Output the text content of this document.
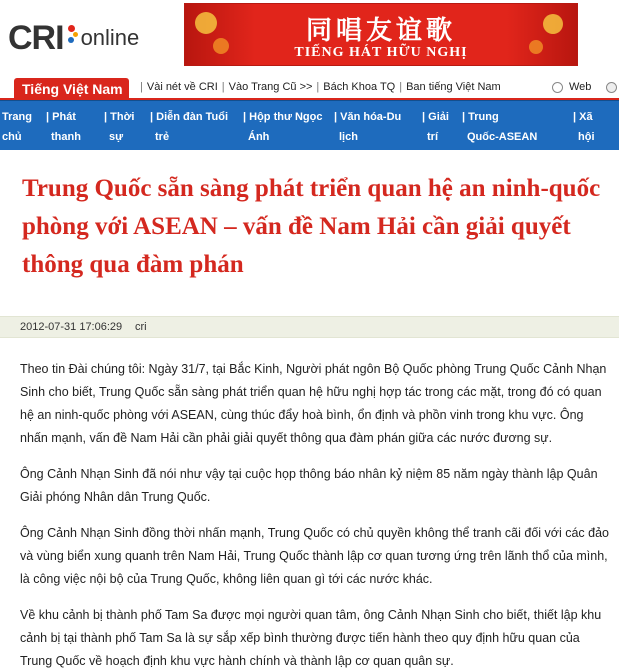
CRI online	同唱友谊歌
TIẾNG HÁT HỮU NGHỊ
Tiếng Việt Nam	| Vài nét về CRI | Vào Trang Cũ >> | Bách Khoa TQ | Ban tiếng Việt Nam	Web
Trang
chủ
| Phát
thanh
| Thời
sự
| Diễn đàn Tuổi
trẻ
| Hộp thư Ngọc
Ánh
| Văn hóa-Du
lịch
| Giải
trí
| Trung
Quốc-ASEAN
| Xã
hội
Trung Quốc sẵn sàng phát triển quan hệ an ninh-quốc phòng với ASEAN – vấn đề Nam Hải cần giải quyết thông qua đàm phán
2012-07-31 17:06:29 cri

Theo tin Đài chúng tôi: Ngày 31/7, tại Bắc Kinh, Người phát ngôn Bộ Quốc phòng Trung Quốc Cảnh Nhạn Sinh cho biết, Trung Quốc sẵn sàng phát triển quan hệ hữu nghị hợp tác trong các mặt, trong đó có quan hệ an ninh-quốc phòng với ASEAN, cùng thúc đẩy hoà bình, ổn định và phồn vinh trong khu vực. Ông nhấn mạnh, vấn đề Nam Hải cần phải giải quyết thông qua đàm phán giữa các nước đương sự.

Ông Cảnh Nhạn Sinh đã nói như vậy tại cuộc họp thông báo nhân kỷ niệm 85 năm ngày thành lập Quân Giải phóng Nhân dân Trung Quốc.

Ông Cảnh Nhạn Sinh đồng thời nhấn mạnh, Trung Quốc có chủ quyền không thể tranh cãi đối với các đảo và vùng biển xung quanh trên Nam Hải, Trung Quốc thành lập cơ quan tương ứng trên lãnh thổ của mình, là công việc nội bộ của Trung Quốc, không liên quan gì tới các nước khác.

Về khu cảnh bị thành phố Tam Sa được mọi người quan tâm, ông Cảnh Nhạn Sinh cho biết, thiết lập khu cảnh bị tại thành phố Tam Sa là sự sắp xếp bình thường được tiến hành theo quy định hữu quan của Trung Quốc về hoạch định khu vực hành chính và thành lập cơ quan quân sự.
